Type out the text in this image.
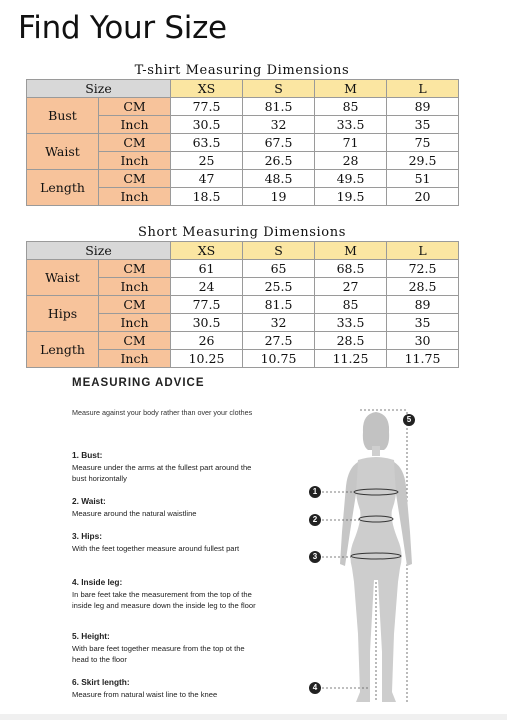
Find Your Size
T-shirt Measuring Dimensions
Size		XS	S	M	L
Bust	CM	77.5	81.5	85	89
	Inch	30.5	32	33.5	35
Waist	CM	63.5	67.5	71	75
	Inch	25	26.5	28	29.5
Length	CM	47	48.5	49.5	51
	Inch	18.5	19	19.5	20
Short Measuring Dimensions
Size		XS	S	M	L
Waist	CM	61	65	68.5	72.5
	Inch	24	25.5	27	28.5
Hips	CM	77.5	81.5	85	89
	Inch	30.5	32	33.5	35
Length	CM	26	27.5	28.5	30
	Inch	10.25	10.75	11.25	11.75
MEASURING ADVICE
Measure against your body rather than over your clothes
1. Bust:
Measure under the arms at the fullest part around the bust horizontally
2. Waist:
Measure around the natural waistline
3. Hips:
With the feet together measure around fullest part
4. Inside leg:
In bare feet take the measurement from the top of the inside leg and measure down the inside leg to the floor
5. Height:
With bare feet together measure from the top ot the head to the floor
6. Skirt length:
Measure from natural waist line to the knee
1
2
3
4
5
